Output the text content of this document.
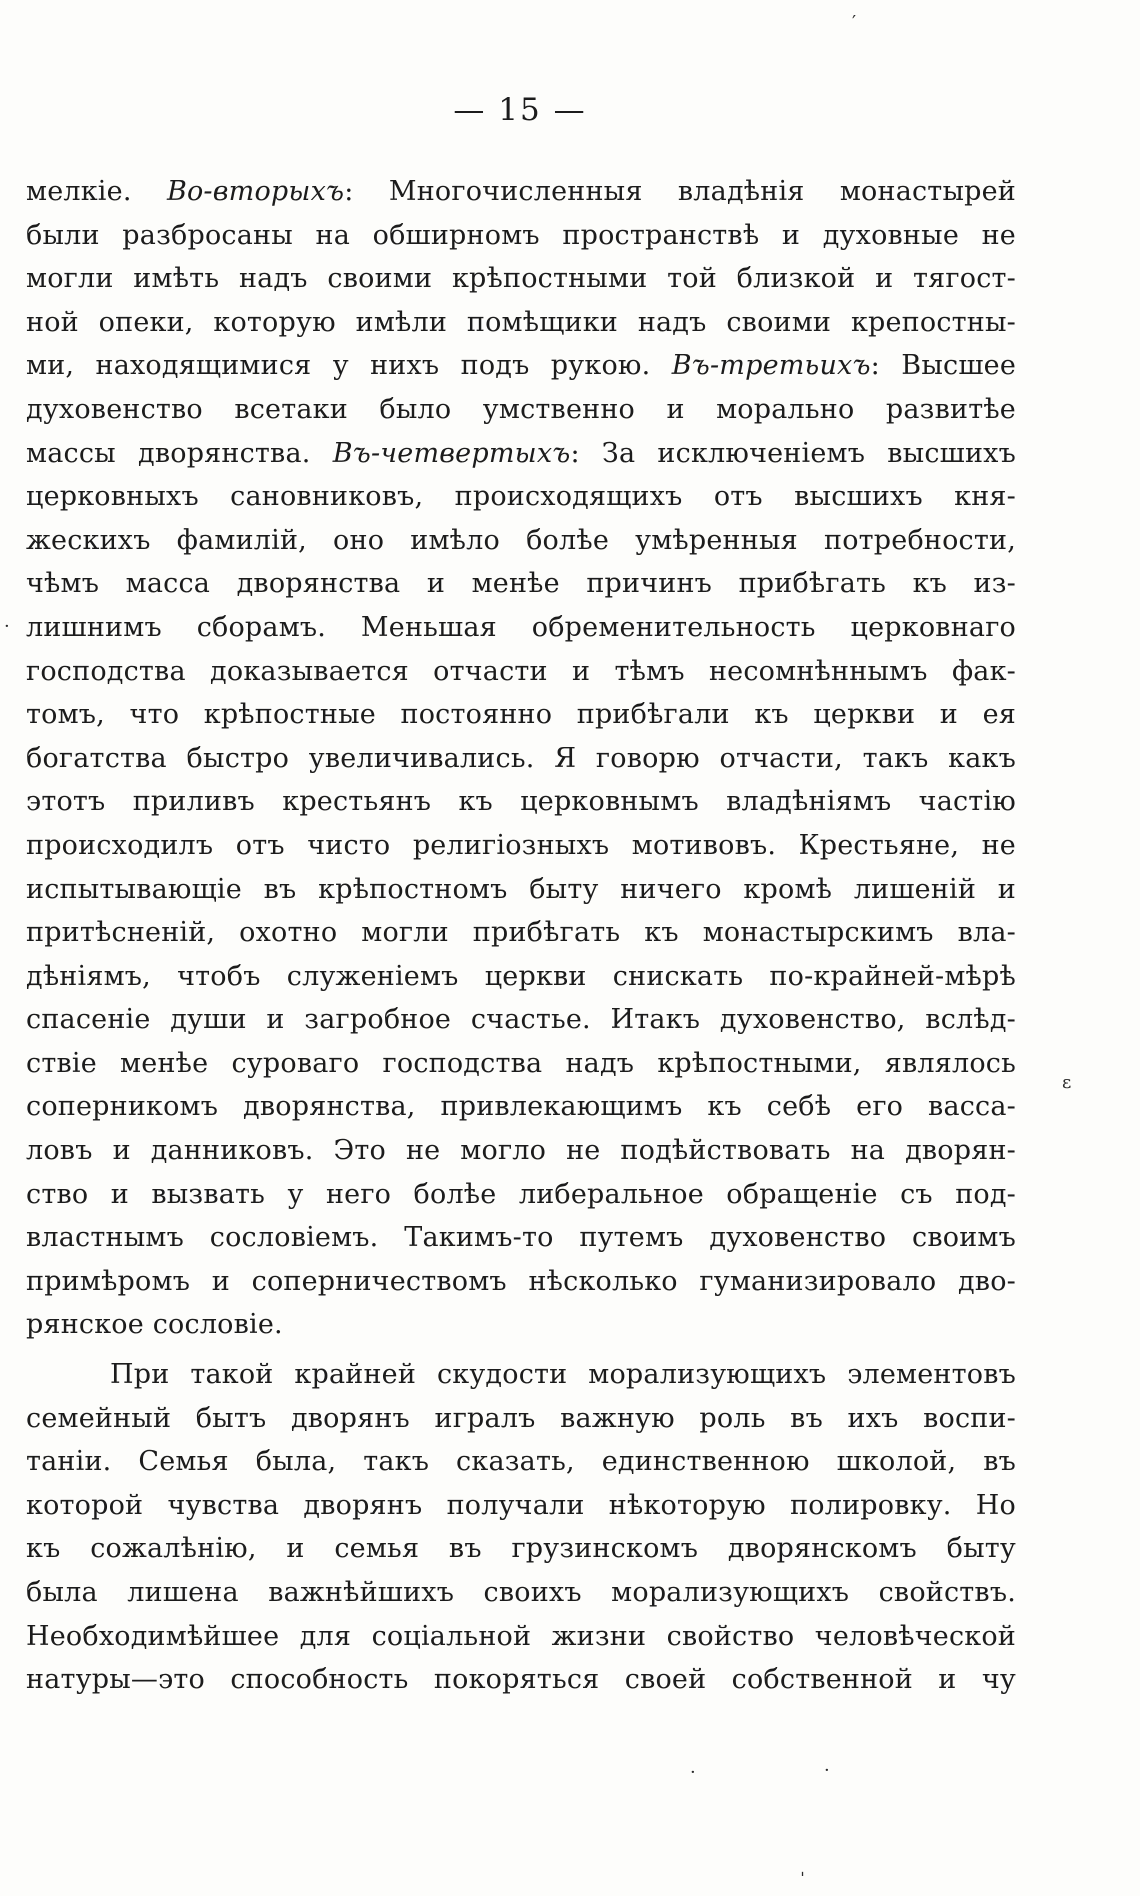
— 15 —
мелкіе. Во-вторыхъ: Многочисленныя владѣнія монастырей
были разбросаны на обширномъ пространствѣ и духовные не
могли имѣть надъ своими крѣпостными той близкой и тягост-
ной опеки, которую имѣли помѣщики надъ своими крепостны-
ми, находящимися у нихъ подъ рукою. Въ-третьихъ: Высшее
духовенство всетаки было умственно и морально развитѣе
массы дворянства. Въ-четвертыхъ: За исключеніемъ высшихъ
церковныхъ сановниковъ, происходящихъ отъ высшихъ кня-
жескихъ фамилій, оно имѣло болѣе умѣренныя потребности,
чѣмъ масса дворянства и менѣе причинъ прибѣгать къ из-
лишнимъ сборамъ. Меньшая обременительность церковнаго
господства доказывается отчасти и тѣмъ несомнѣннымъ фак-
томъ, что крѣпостные постоянно прибѣгали къ церкви и ея
богатства быстро увеличивались. Я говорю отчасти, такъ какъ
этотъ приливъ крестьянъ къ церковнымъ владѣніямъ частію
происходилъ отъ чисто религіозныхъ мотивовъ. Крестьяне, не
испытывающіе въ крѣпостномъ быту ничего кромѣ лишеній и
притѣсненій, охотно могли прибѣгать къ монастырскимъ вла-
дѣніямъ, чтобъ служеніемъ церкви снискать по-крайней-мѣрѣ
спасеніе души и загробное счастье. Итакъ духовенство, вслѣд-
ствіе менѣе суроваго господства надъ крѣпостными, являлось
соперникомъ дворянства, привлекающимъ къ себѣ его васса-
ловъ и данниковъ. Это не могло не подѣйствовать на дворян-
ство и вызвать у него болѣе либеральное обращеніе съ под-
властнымъ сословіемъ. Такимъ-то путемъ духовенство своимъ
примѣромъ и соперничествомъ нѣсколько гуманизировало дво-
рянское сословіе.
При такой крайней скудости морализующихъ элементовъ
семейный бытъ дворянъ игралъ важную роль въ ихъ воспи-
таніи. Семья была, такъ сказать, единственною школой, въ
которой чувства дворянъ получали нѣкоторую полировку. Но
къ сожалѣнію, и семья въ грузинскомъ дворянскомъ быту
была лишена важнѣйшихъ своихъ морализующихъ свойствъ.
Необходимѣйшее для соціальной жизни свойство человѣческой
натуры—это способность покоряться своей собственной и чу
′
·
ε
·	·
ˌ
